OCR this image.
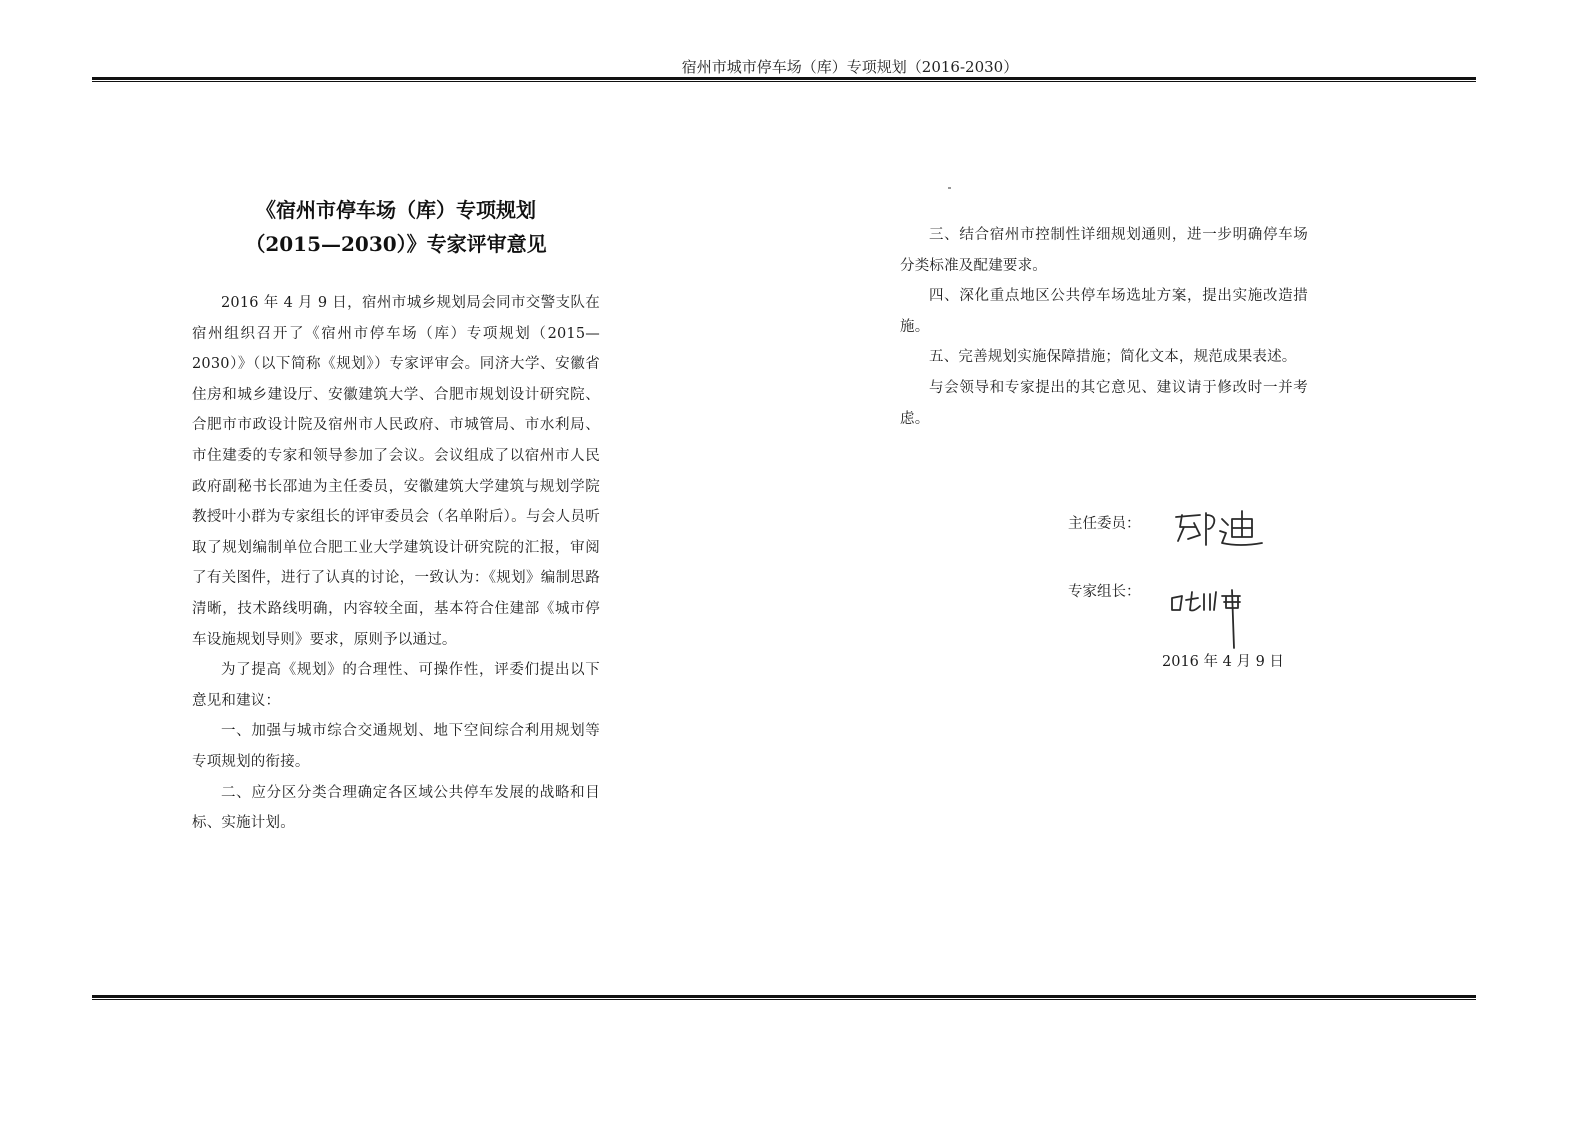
宿州市城市停车场（库）专项规划（2016-2030）
《宿州市停车场（库）专项规划
（2015—2030）》专家评审意见

2016 年 4 月 9 日，宿州市城乡规划局会同市交警支队在宿州组织召开了《宿州市停车场（库）专项规划（2015—2030）》（以下简称《规划》）专家评审会。同济大学、安徽省住房和城乡建设厅、安徽建筑大学、合肥市规划设计研究院、合肥市市政设计院及宿州市人民政府、市城管局、市水利局、市住建委的专家和领导参加了会议。会议组成了以宿州市人民政府副秘书长邵迪为主任委员，安徽建筑大学建筑与规划学院教授叶小群为专家组长的评审委员会（名单附后）。与会人员听取了规划编制单位合肥工业大学建筑设计研究院的汇报，审阅了有关图件，进行了认真的讨论，一致认为：《规划》编制思路清晰，技术路线明确，内容较全面，基本符合住建部《城市停车设施规划导则》要求，原则予以通过。

为了提高《规划》的合理性、可操作性，评委们提出以下意见和建议：

一、加强与城市综合交通规划、地下空间综合利用规划等专项规划的衔接。

二、应分区分类合理确定各区域公共停车发展的战略和目标、实施计划。

三、结合宿州市控制性详细规划通则，进一步明确停车场分类标准及配建要求。

四、深化重点地区公共停车场选址方案，提出实施改造措施。

五、完善规划实施保障措施；简化文本，规范成果表述。

与会领导和专家提出的其它意见、建议请于修改时一并考虑。

主任委员：
专家组长：
2016 年 4 月 9 日
